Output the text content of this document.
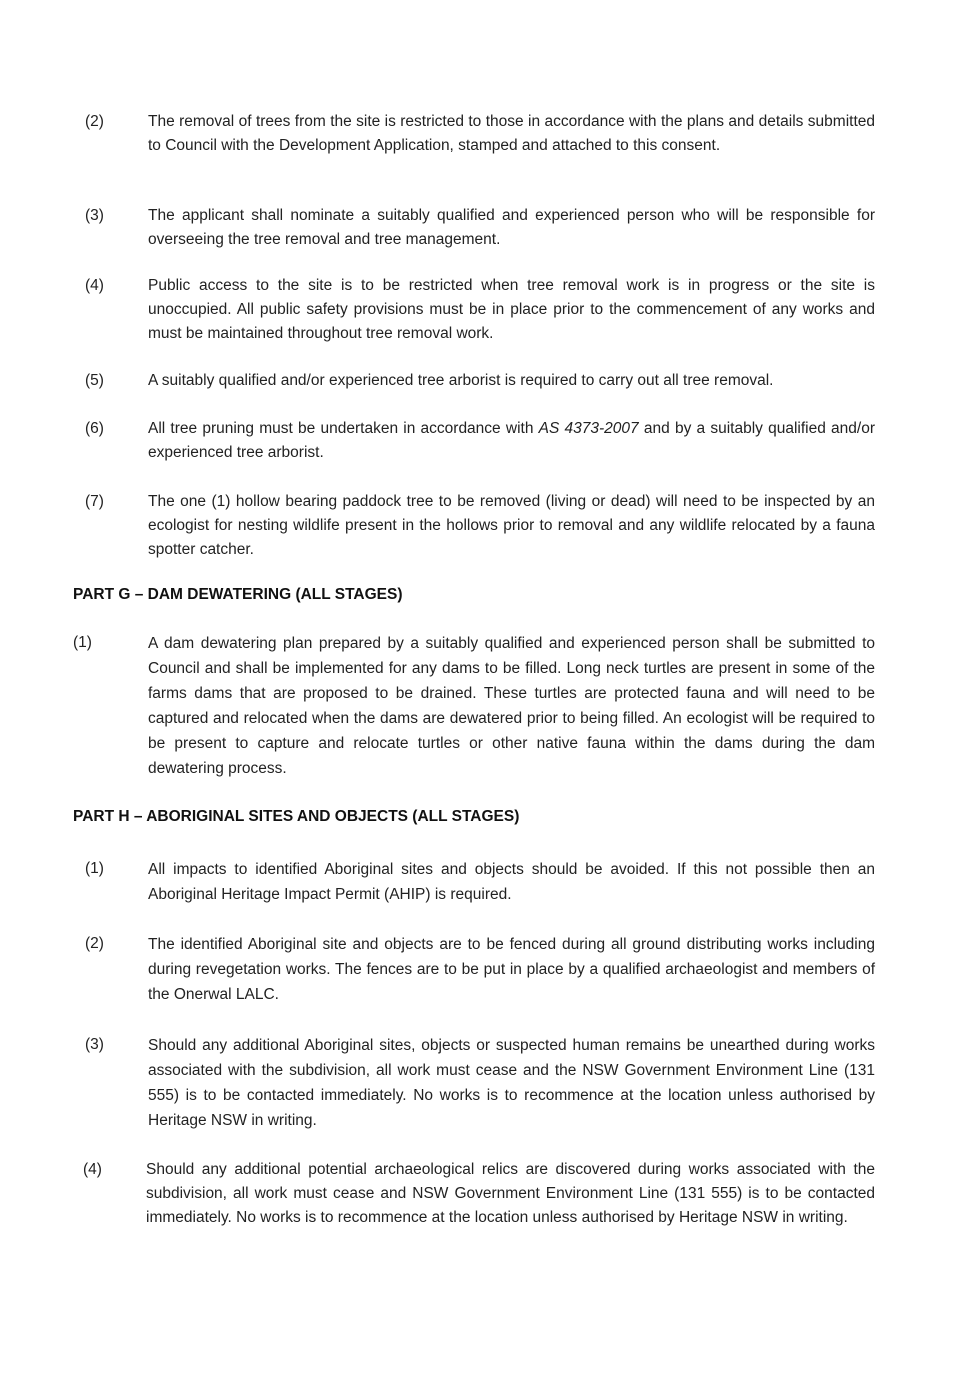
(2)	The removal of trees from the site is restricted to those in accordance with the plans and details submitted to Council with the Development Application, stamped and attached to this consent.
(3)	The applicant shall nominate a suitably qualified and experienced person who will be responsible for overseeing the tree removal and tree management.
(4)	Public access to the site is to be restricted when tree removal work is in progress or the site is unoccupied. All public safety provisions must be in place prior to the commencement of any works and must be maintained throughout tree removal work.
(5)	A suitably qualified and/or experienced tree arborist is required to carry out all tree removal.
(6)	All tree pruning must be undertaken in accordance with AS 4373-2007 and by a suitably qualified and/or experienced tree arborist.
(7)	The one (1) hollow bearing paddock tree to be removed (living or dead) will need to be inspected by an ecologist for nesting wildlife present in the hollows prior to removal and any wildlife relocated by a fauna spotter catcher.
PART G – DAM DEWATERING (ALL STAGES)
(1)	A dam dewatering plan prepared by a suitably qualified and experienced person shall be submitted to Council and shall be implemented for any dams to be filled. Long neck turtles are present in some of the farms dams that are proposed to be drained. These turtles are protected fauna and will need to be captured and relocated when the dams are dewatered prior to being filled. An ecologist will be required to be present to capture and relocate turtles or other native fauna within the dams during the dam dewatering process.
PART H – ABORIGINAL SITES AND OBJECTS (ALL STAGES)
(1)	All impacts to identified Aboriginal sites and objects should be avoided. If this not possible then an Aboriginal Heritage Impact Permit (AHIP) is required.
(2)	The identified Aboriginal site and objects are to be fenced during all ground distributing works including during revegetation works. The fences are to be put in place by a qualified archaeologist and members of the Onerwal LALC.
(3)	Should any additional Aboriginal sites, objects or suspected human remains be unearthed during works associated with the subdivision, all work must cease and the NSW Government Environment Line (131 555) is to be contacted immediately. No works is to recommence at the location unless authorised by Heritage NSW in writing.
(4)	Should any additional potential archaeological relics are discovered during works associated with the subdivision, all work must cease and NSW Government Environment Line (131 555) is to be contacted immediately. No works is to recommence at the location unless authorised by Heritage NSW in writing.
